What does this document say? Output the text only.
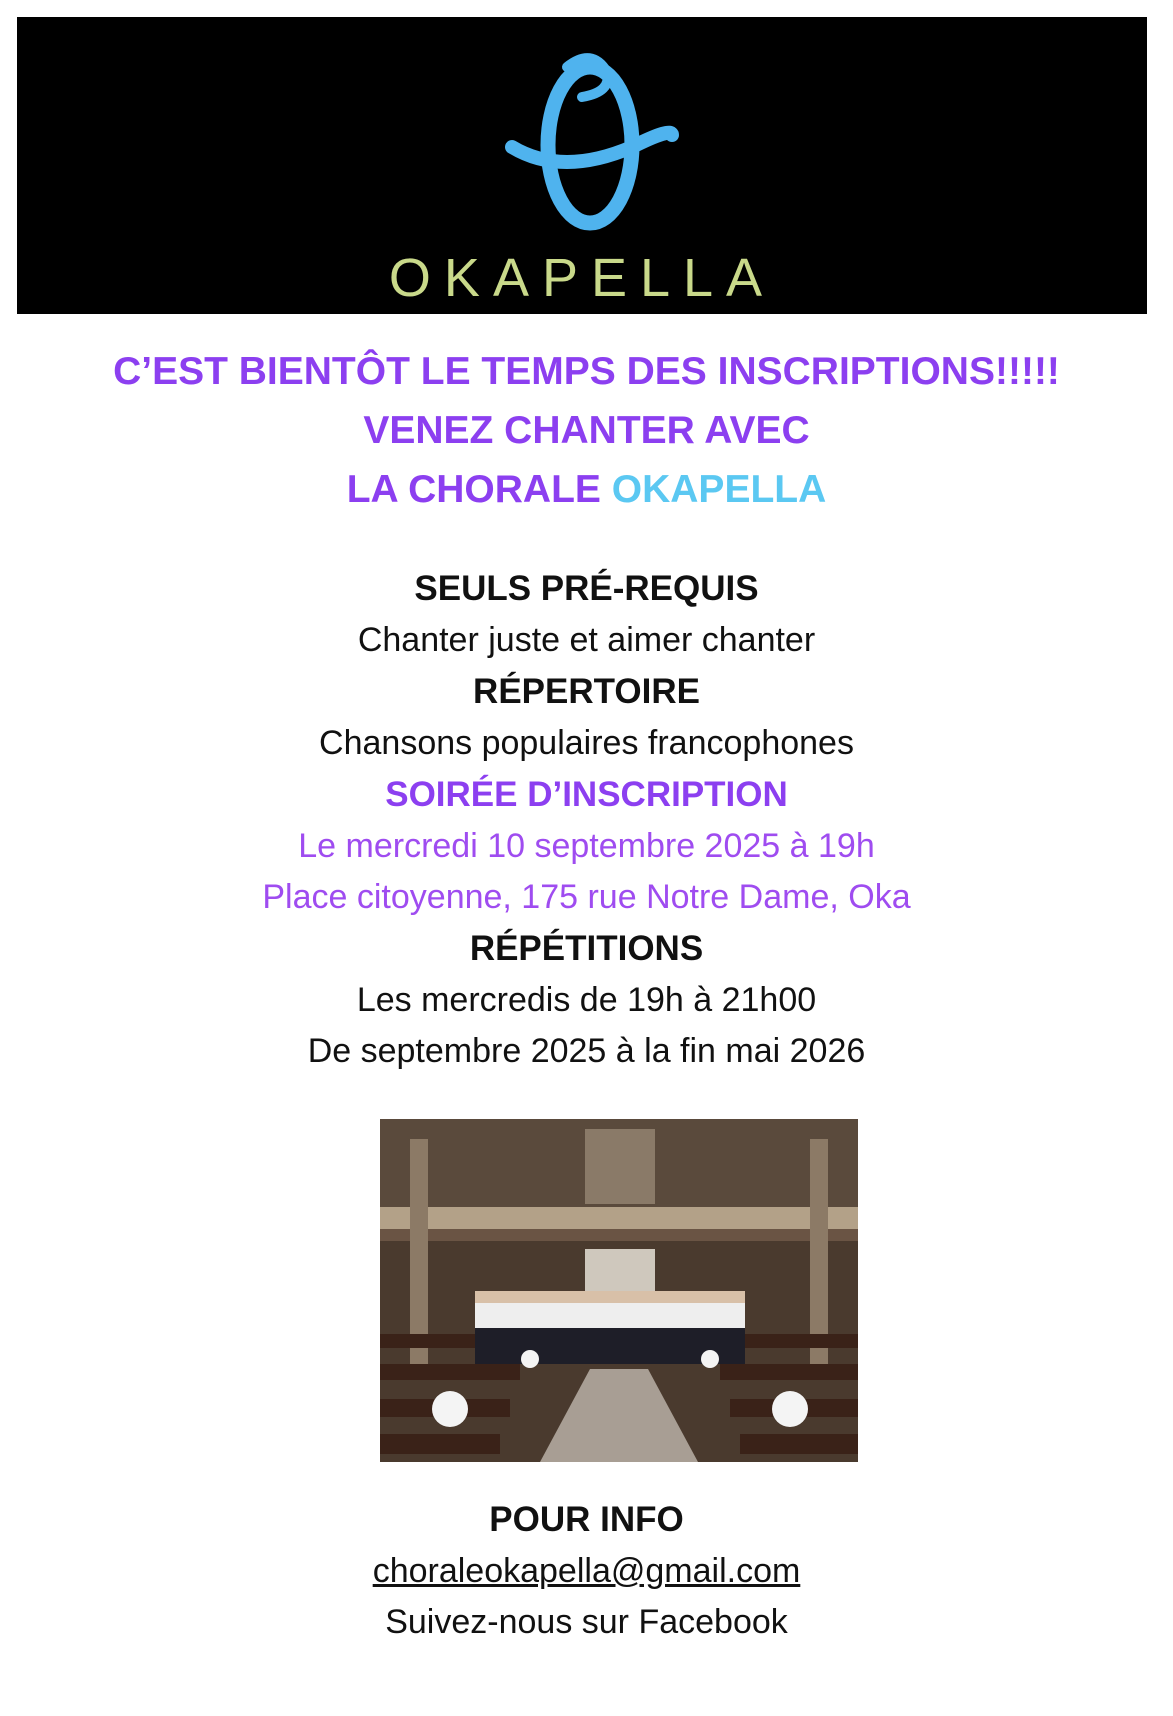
OKAPELLA
C’EST BIENTÔT LE TEMPS DES INSCRIPTIONS!!!!!
VENEZ CHANTER AVEC
LA CHORALE OKAPELLA
SEULS PRÉ-REQUIS
Chanter juste et aimer chanter
RÉPERTOIRE
Chansons populaires francophones
SOIRÉE D’INSCRIPTION
Le mercredi 10 septembre 2025 à 19h
Place citoyenne, 175 rue Notre Dame, Oka
RÉPÉTITIONS
Les mercredis de 19h à 21h00
De septembre 2025 à la fin mai 2026
POUR INFO
choraleokapella@gmail.com
Suivez-nous sur Facebook
